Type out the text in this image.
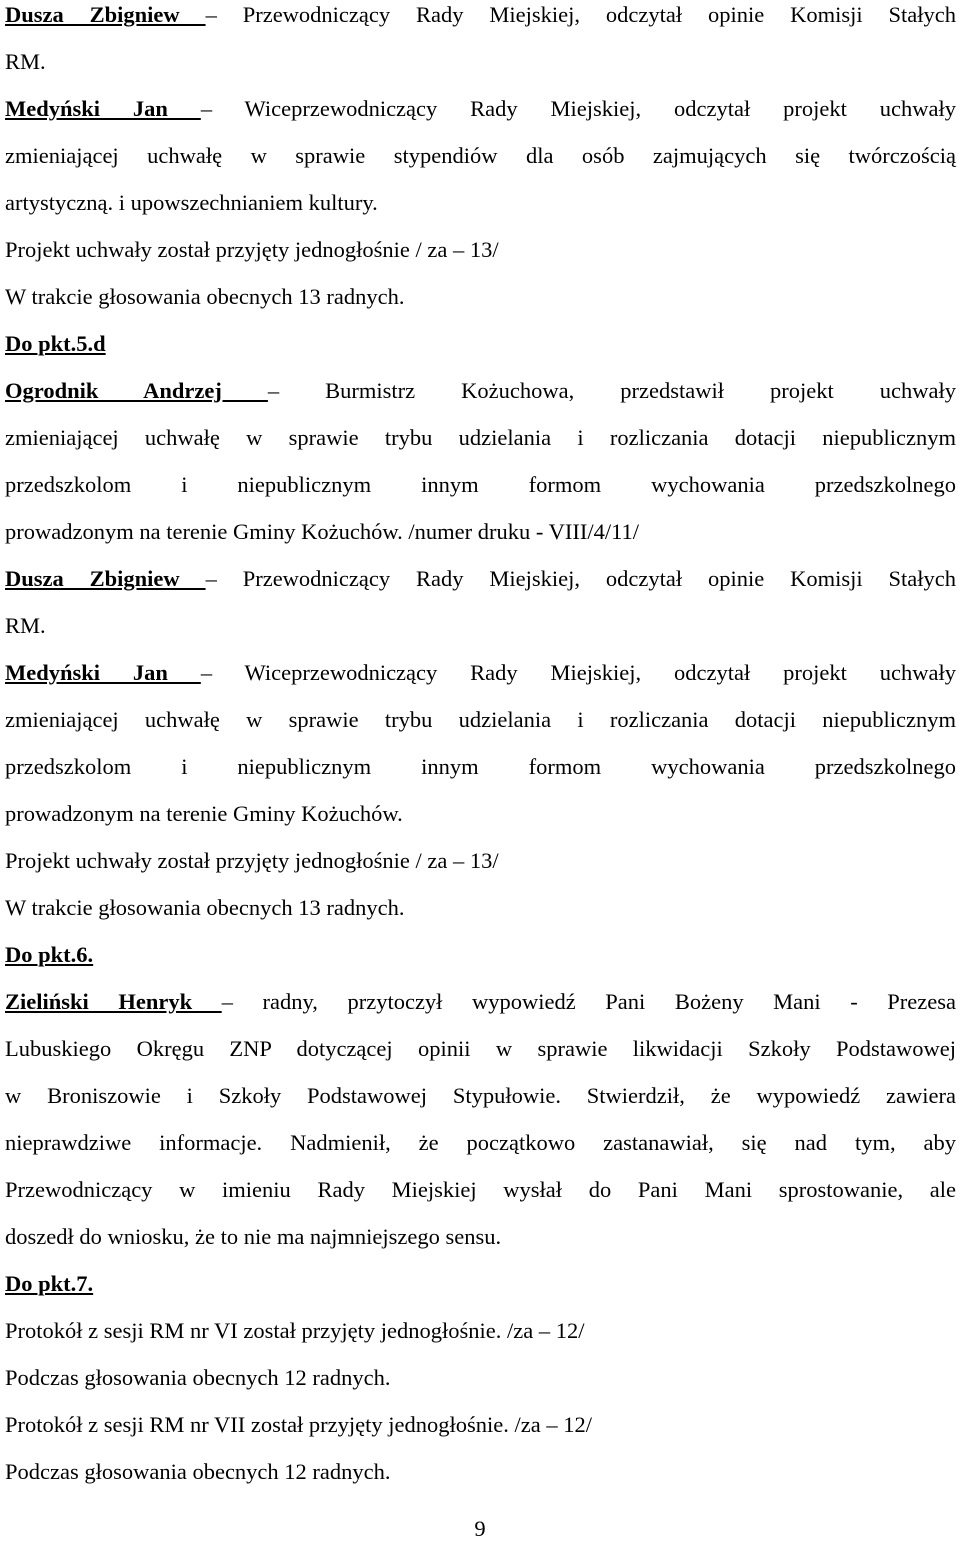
Dusza Zbigniew – Przewodniczący Rady Miejskiej, odczytał opinie Komisji Stałych
RM.
Medyński Jan – Wiceprzewodniczący Rady Miejskiej, odczytał projekt uchwały
zmieniającej uchwałę w sprawie stypendiów dla osób zajmujących się twórczością
artystyczną. i upowszechnianiem kultury.
Projekt uchwały został przyjęty jednogłośnie / za – 13/
W trakcie głosowania obecnych 13 radnych.
Do pkt.5.d
Ogrodnik Andrzej – Burmistrz Kożuchowa, przedstawił projekt uchwały
zmieniającej uchwałę w sprawie trybu udzielania i rozliczania dotacji niepublicznym
przedszkolom i niepublicznym innym formom wychowania przedszkolnego
prowadzonym na terenie Gminy Kożuchów. /numer druku - VIII/4/11/
Dusza Zbigniew – Przewodniczący Rady Miejskiej, odczytał opinie Komisji Stałych
RM.
Medyński Jan – Wiceprzewodniczący Rady Miejskiej, odczytał projekt uchwały
zmieniającej uchwałę w sprawie trybu udzielania i rozliczania dotacji niepublicznym
przedszkolom i niepublicznym innym formom wychowania przedszkolnego
prowadzonym na terenie Gminy Kożuchów.
Projekt uchwały został przyjęty jednogłośnie / za – 13/
W trakcie głosowania obecnych 13 radnych.
Do pkt.6.
Zieliński Henryk – radny, przytoczył wypowiedź Pani Bożeny Mani - Prezesa
Lubuskiego Okręgu ZNP dotyczącej opinii w sprawie likwidacji Szkoły Podstawowej
w Broniszowie i Szkoły Podstawowej Stypułowie. Stwierdził, że wypowiedź zawiera
nieprawdziwe informacje. Nadmienił, że początkowo zastanawiał, się nad tym, aby
Przewodniczący w imieniu Rady Miejskiej wysłał do Pani Mani sprostowanie, ale
doszedł do wniosku, że to nie ma najmniejszego sensu.
Do pkt.7.
Protokół z sesji RM nr VI został przyjęty jednogłośnie. /za – 12/
Podczas głosowania obecnych 12 radnych.
Protokół z sesji RM nr VII został przyjęty jednogłośnie. /za – 12/
Podczas głosowania obecnych 12 radnych.
9
